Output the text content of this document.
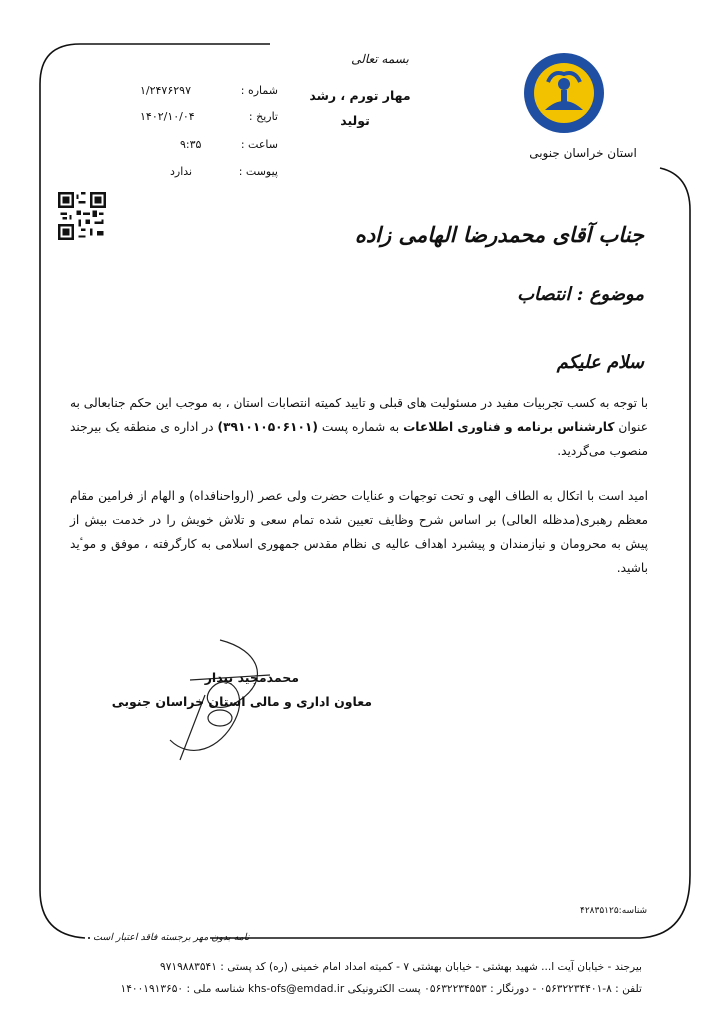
استان خراسان جنوبی
بسمه تعالی
مهار تورم ، رشد
تولید
شماره :
۱/۲۴۷۶۲۹۷
تاریخ :
۱۴۰۲/۱۰/۰۴
ساعت :
۹:۳۵
پیوست :
ندارد
جناب آقای محمدرضا الهامی زاده
موضوع : انتصاب
سلام علیکم
با توجه به کسب تجربیات مفید در مسئولیت های قبلی و تایید کمیته انتصابات استان ، به موجب این حکم جنابعالی به عنوان کارشناس برنامه و فناوری اطلاعات به شماره پست (۳۹۱۰۱۰۵۰۶۱۰۱) در اداره ی منطقه یک بیرجند منصوب می‌گردید.
امید است با اتکال به الطاف الهی و تحت توجهات و عنایات حضرت ولی عصر (ارواحنافداه) و الهام از فرامین مقام معظم رهبری(مدظله العالی) بر اساس شرح وظایف تعیین شده تمام سعی و تلاش خویش را در خدمت بیش از پیش به محرومان و نیازمندان و پیشبرد اهداف عالیه ی نظام مقدس جمهوری اسلامی به کارگرفته ، موفق و موٴید باشید.
محمدمجید بیدار
معاون اداری و مالی استان خراسان جنوبی
شناسه:۴۲۸۳۵۱۲۵
نامه بدون مهر برجسته فاقد اعتبار است
بیرجند - خیابان آیت ا... شهید بهشتی - خیابان بهشتی ۷ - کمیته امداد امام خمینی (ره) کد پستی : ۹۷۱۹۸۸۳۵۴۱
تلفن : ۸-۰۵۶۳۲۲۳۴۴۰۱ - دورنگار : ۰۵۶۳۲۲۳۴۵۵۳ پست الکترونیکی khs-ofs@emdad.ir شناسه ملی : ۱۴۰۰۱۹۱۳۶۵۰
